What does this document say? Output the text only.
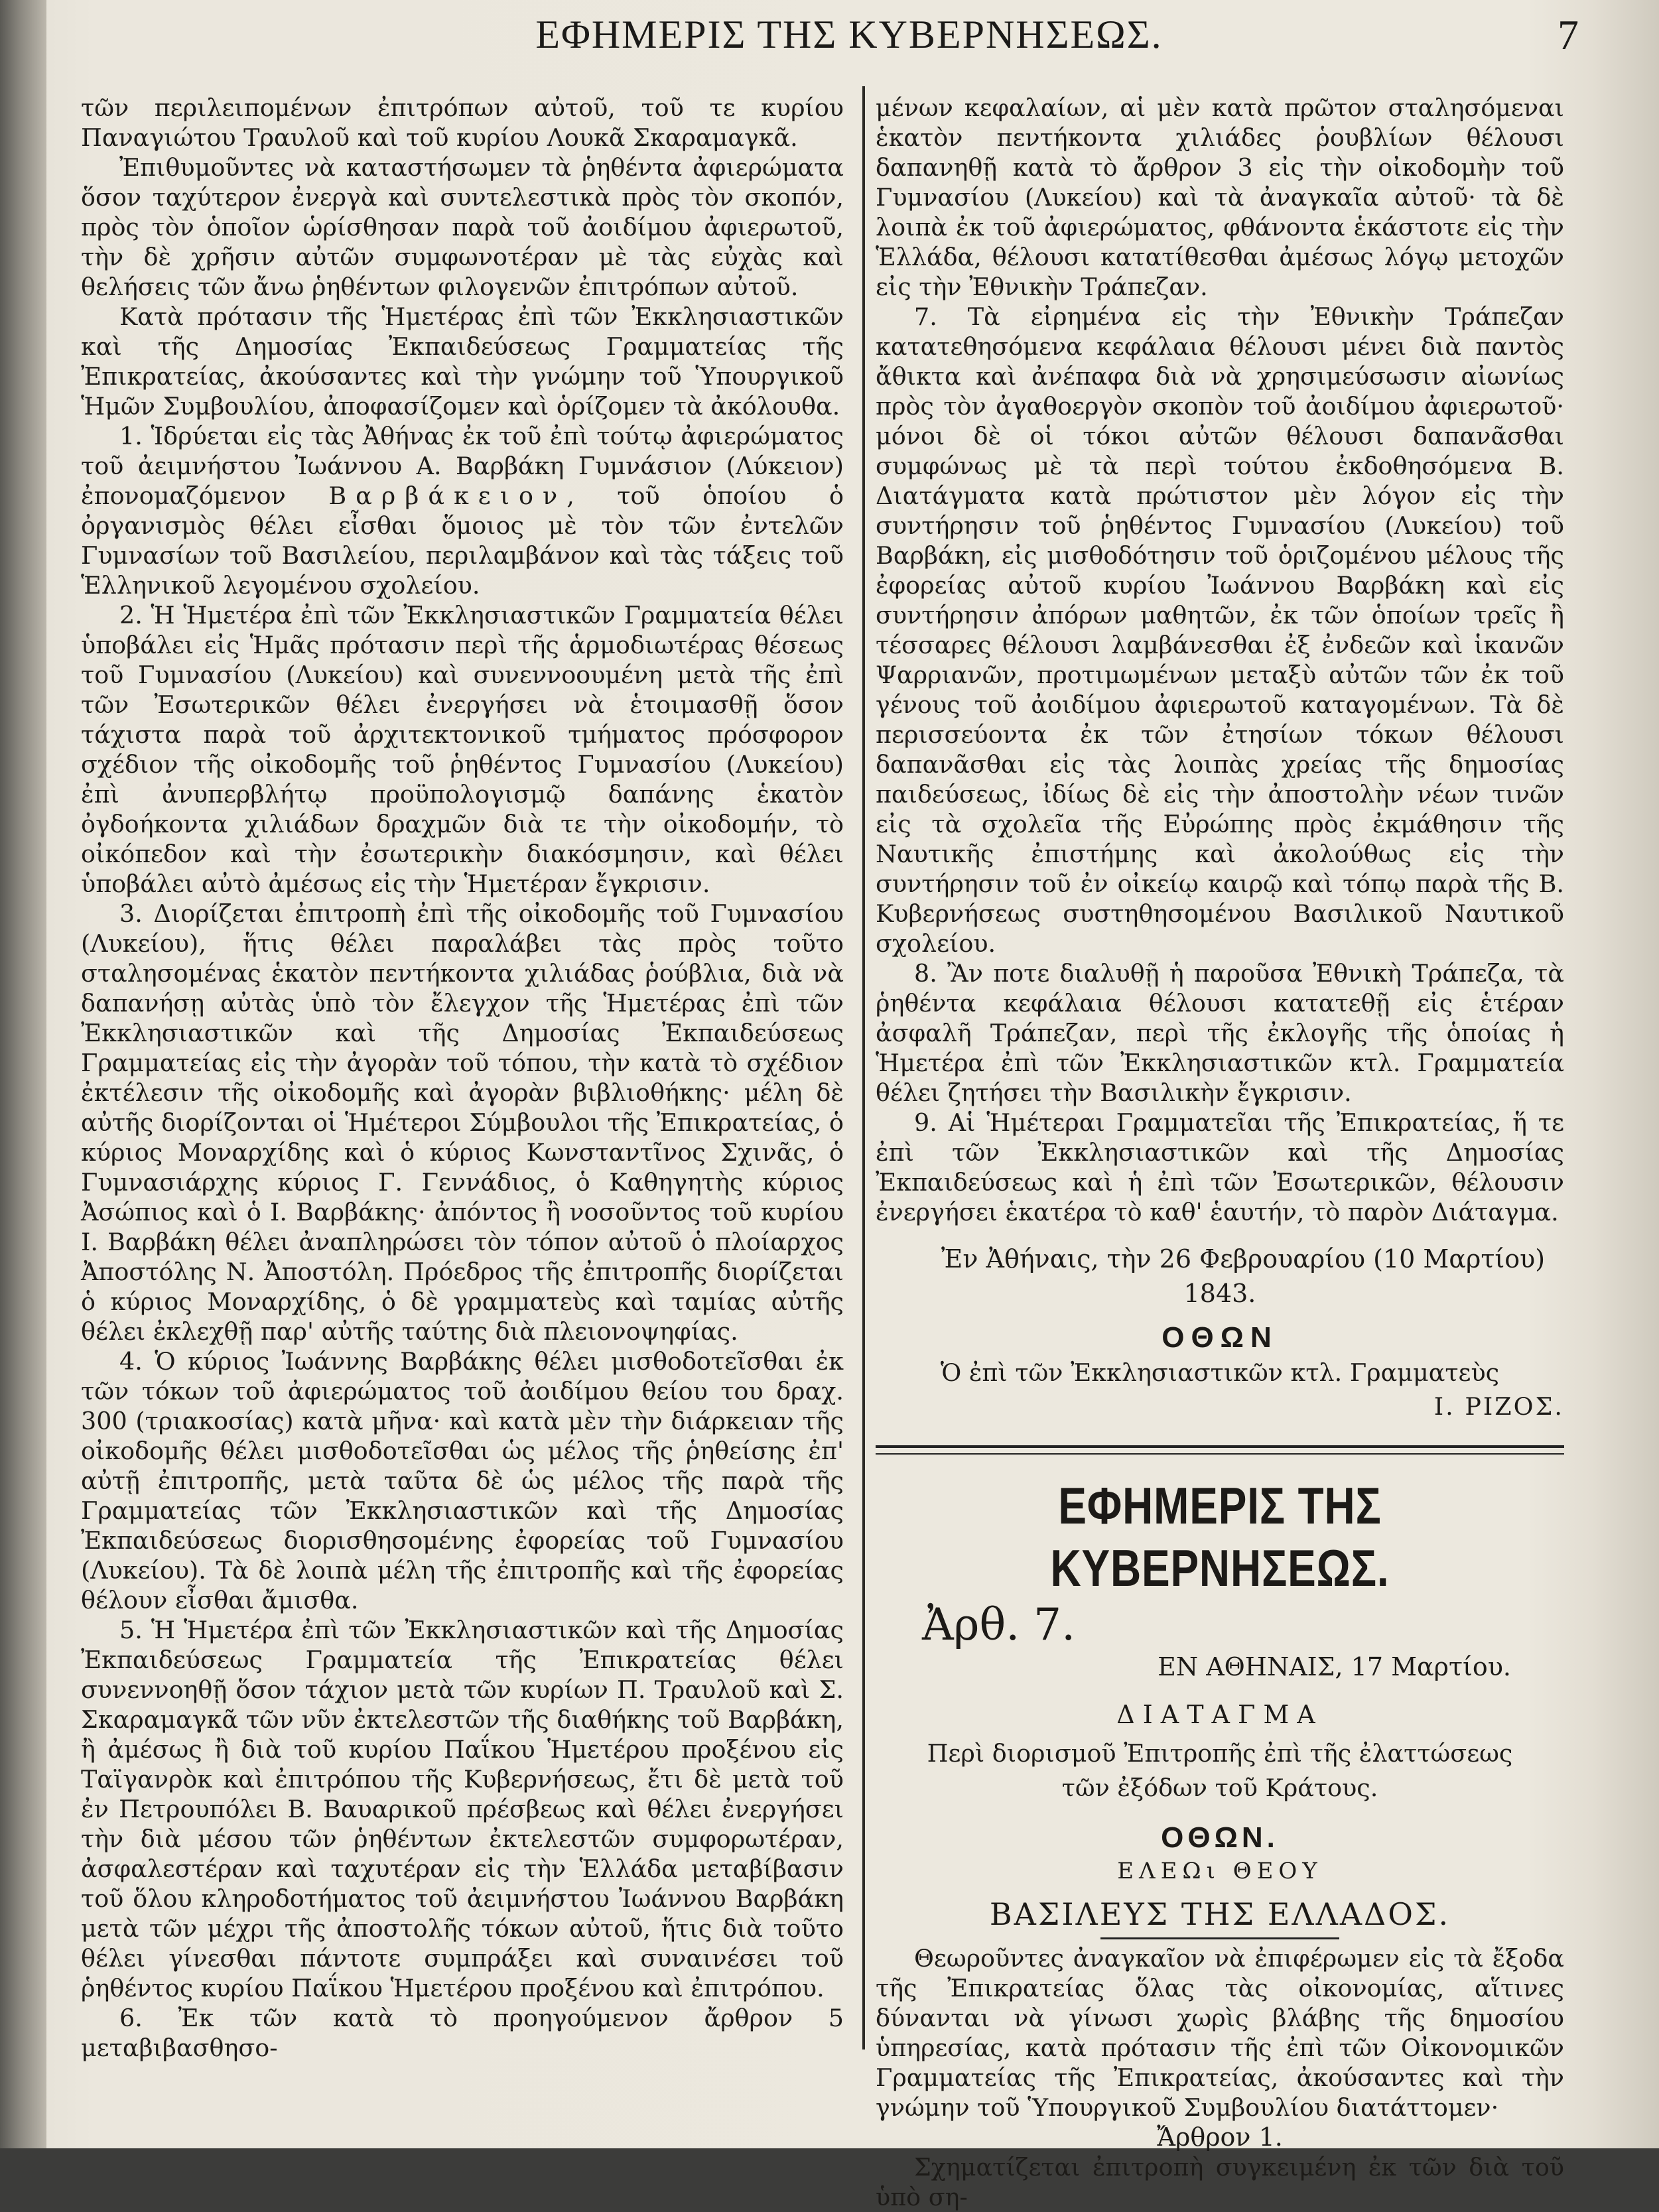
ΕΦΗΜΕΡΙΣ ΤΗΣ ΚΥΒΕΡΝΗΣΕΩΣ.	7

τῶν περιλειπομένων ἐπιτρόπων αὐτοῦ, τοῦ τε κυρίου Παναγιώτου Τραυλοῦ καὶ τοῦ κυρίου Λουκᾶ Σκαραμαγκᾶ.

Ἐπιθυμοῦντες νὰ καταστήσωμεν τὰ ῥηθέντα ἀφιερώματα ὅσον ταχύτερον ἐνεργὰ καὶ συντελεστικὰ πρὸς τὸν σκοπόν, πρὸς τὸν ὁποῖον ὡρίσθησαν παρὰ τοῦ ἀοιδίμου ἀφιερωτοῦ, τὴν δὲ χρῆσιν αὐτῶν συμφωνοτέραν μὲ τὰς εὐχὰς καὶ θελήσεις τῶν ἄνω ῥηθέντων φιλογενῶν ἐπιτρόπων αὐτοῦ.

Κατὰ πρότασιν τῆς Ἡμετέρας ἐπὶ τῶν Ἐκκλησιαστικῶν καὶ τῆς Δημοσίας Ἐκπαιδεύσεως Γραμματείας τῆς Ἐπικρατείας, ἀκούσαντες καὶ τὴν γνώμην τοῦ Ὑπουργικοῦ Ἡμῶν Συμβουλίου, ἀποφασίζομεν καὶ ὁρίζομεν τὰ ἀκόλουθα.

1. Ἱδρύεται εἰς τὰς Ἀθήνας ἐκ τοῦ ἐπὶ τούτῳ ἀφιερώματος τοῦ ἀειμνήστου Ἰωάννου Α. Βαρβάκη Γυμνάσιον (Λύκειον) ἐπονομαζόμενον Βαρβάκειον, τοῦ ὁποίου ὁ ὀργανισμὸς θέλει εἶσθαι ὅμοιος μὲ τὸν τῶν ἐντελῶν Γυμνασίων τοῦ Βασιλείου, περιλαμβάνον καὶ τὰς τάξεις τοῦ Ἑλληνικοῦ λεγομένου σχολείου.

2. Ἡ Ἡμετέρα ἐπὶ τῶν Ἐκκλησιαστικῶν Γραμματεία θέλει ὑποβάλει εἰς Ἡμᾶς πρότασιν περὶ τῆς ἁρμοδιωτέρας θέσεως τοῦ Γυμνασίου (Λυκείου) καὶ συνεννοουμένη μετὰ τῆς ἐπὶ τῶν Ἐσωτερικῶν θέλει ἐνεργήσει νὰ ἑτοιμασθῇ ὅσον τάχιστα παρὰ τοῦ ἀρχιτεκτονικοῦ τμήματος πρόσφορον σχέδιον τῆς οἰκοδομῆς τοῦ ῥηθέντος Γυμνασίου (Λυκείου) ἐπὶ ἀνυπερβλήτῳ προϋπολογισμῷ δαπάνης ἑκατὸν ὀγδοήκοντα χιλιάδων δραχμῶν διὰ τε τὴν οἰκοδομήν, τὸ οἰκόπεδον καὶ τὴν ἐσωτερικὴν διακόσμησιν, καὶ θέλει ὑποβάλει αὐτὸ ἀμέσως εἰς τὴν Ἡμετέραν ἔγκρισιν.

3. Διορίζεται ἐπιτροπὴ ἐπὶ τῆς οἰκοδομῆς τοῦ Γυμνασίου (Λυκείου), ἥτις θέλει παραλάβει τὰς πρὸς τοῦτο σταλησομένας ἑκατὸν πεντήκοντα χιλιάδας ῥούβλια, διὰ νὰ δαπανήσῃ αὐτὰς ὑπὸ τὸν ἔλεγχον τῆς Ἡμετέρας ἐπὶ τῶν Ἐκκλησιαστικῶν καὶ τῆς Δημοσίας Ἐκπαιδεύσεως Γραμματείας εἰς τὴν ἀγορὰν τοῦ τόπου, τὴν κατὰ τὸ σχέδιον ἐκτέλεσιν τῆς οἰκοδομῆς καὶ ἀγορὰν βιβλιοθήκης· μέλη δὲ αὐτῆς διορίζονται οἱ Ἡμέτεροι Σύμβουλοι τῆς Ἐπικρατείας, ὁ κύριος Μοναρχίδης καὶ ὁ κύριος Κωνσταντῖνος Σχινᾶς, ὁ Γυμνασιάρχης κύριος Γ. Γεννάδιος, ὁ Καθηγητὴς κύριος Ἀσώπιος καὶ ὁ Ι. Βαρβάκης· ἀπόντος ἢ νοσοῦντος τοῦ κυρίου Ι. Βαρβάκη θέλει ἀναπληρώσει τὸν τόπον αὐτοῦ ὁ πλοίαρχος Ἀποστόλης Ν. Ἀποστόλη. Πρόεδρος τῆς ἐπιτροπῆς διορίζεται ὁ κύριος Μοναρχίδης, ὁ δὲ γραμματεὺς καὶ ταμίας αὐτῆς θέλει ἐκλεχθῇ παρ' αὐτῆς ταύτης διὰ πλειονοψηφίας.

4. Ὁ κύριος Ἰωάννης Βαρβάκης θέλει μισθοδοτεῖσθαι ἐκ τῶν τόκων τοῦ ἀφιερώματος τοῦ ἀοιδίμου θείου του δραχ. 300 (τριακοσίας) κατὰ μῆνα· καὶ κατὰ μὲν τὴν διάρκειαν τῆς οἰκοδομῆς θέλει μισθοδοτεῖσθαι ὡς μέλος τῆς ῥηθείσης ἐπ' αὐτῇ ἐπιτροπῆς, μετὰ ταῦτα δὲ ὡς μέλος τῆς παρὰ τῆς Γραμματείας τῶν Ἐκκλησιαστικῶν καὶ τῆς Δημοσίας Ἐκπαιδεύσεως διορισθησομένης ἐφορείας τοῦ Γυμνασίου (Λυκείου). Τὰ δὲ λοιπὰ μέλη τῆς ἐπιτροπῆς καὶ τῆς ἐφορείας θέλουν εἶσθαι ἄμισθα.

5. Ἡ Ἡμετέρα ἐπὶ τῶν Ἐκκλησιαστικῶν καὶ τῆς Δημοσίας Ἐκπαιδεύσεως Γραμματεία τῆς Ἐπικρατείας θέλει συνεννοηθῇ ὅσον τάχιον μετὰ τῶν κυρίων Π. Τραυλοῦ καὶ Σ. Σκαραμαγκᾶ τῶν νῦν ἐκτελεστῶν τῆς διαθήκης τοῦ Βαρβάκη, ἢ ἀμέσως ἢ διὰ τοῦ κυρίου Παΐκου Ἡμετέρου προξένου εἰς Ταϊγανρὸκ καὶ ἐπιτρόπου τῆς Κυβερνήσεως, ἔτι δὲ μετὰ τοῦ ἐν Πετρουπόλει Β. Βαυαρικοῦ πρέσβεως καὶ θέλει ἐνεργήσει τὴν διὰ μέσου τῶν ῥηθέντων ἐκτελεστῶν συμφορωτέραν, ἀσφαλεστέραν καὶ ταχυτέραν εἰς τὴν Ἑλλάδα μεταβίβασιν τοῦ ὅλου κληροδοτήματος τοῦ ἀειμνήστου Ἰωάννου Βαρβάκη μετὰ τῶν μέχρι τῆς ἀποστολῆς τόκων αὐτοῦ, ἥτις διὰ τοῦτο θέλει γίνεσθαι πάντοτε συμπράξει καὶ συναινέσει τοῦ ῥηθέντος κυρίου Παΐκου Ἡμετέρου προξένου καὶ ἐπιτρόπου.

6. Ἐκ τῶν κατὰ τὸ προηγούμενον ἄρθρον 5 μεταβιβασθησο-

μένων κεφαλαίων, αἱ μὲν κατὰ πρῶτον σταλησόμεναι ἑκατὸν πεντήκοντα χιλιάδες ῥουβλίων θέλουσι δαπανηθῇ κατὰ τὸ ἄρθρον 3 εἰς τὴν οἰκοδομὴν τοῦ Γυμνασίου (Λυκείου) καὶ τὰ ἀναγκαῖα αὐτοῦ· τὰ δὲ λοιπὰ ἐκ τοῦ ἀφιερώματος, φθάνοντα ἑκάστοτε εἰς τὴν Ἑλλάδα, θέλουσι κατατίθεσθαι ἀμέσως λόγῳ μετοχῶν εἰς τὴν Ἐθνικὴν Τράπεζαν.

7. Τὰ εἰρημένα εἰς τὴν Ἐθνικὴν Τράπεζαν κατατεθησόμενα κεφάλαια θέλουσι μένει διὰ παντὸς ἄθικτα καὶ ἀνέπαφα διὰ νὰ χρησιμεύσωσιν αἰωνίως πρὸς τὸν ἀγαθοεργὸν σκοπὸν τοῦ ἀοιδίμου ἀφιερωτοῦ· μόνοι δὲ οἱ τόκοι αὐτῶν θέλουσι δαπανᾶσθαι συμφώνως μὲ τὰ περὶ τούτου ἐκδοθησόμενα Β. Διατάγματα κατὰ πρώτιστον μὲν λόγον εἰς τὴν συντήρησιν τοῦ ῥηθέντος Γυμνασίου (Λυκείου) τοῦ Βαρβάκη, εἰς μισθοδότησιν τοῦ ὁριζομένου μέλους τῆς ἐφορείας αὐτοῦ κυρίου Ἰωάννου Βαρβάκη καὶ εἰς συντήρησιν ἀπόρων μαθητῶν, ἐκ τῶν ὁποίων τρεῖς ἢ τέσσαρες θέλουσι λαμβάνεσθαι ἐξ ἐνδεῶν καὶ ἱκανῶν Ψαρριανῶν, προτιμωμένων μεταξὺ αὐτῶν τῶν ἐκ τοῦ γένους τοῦ ἀοιδίμου ἀφιερωτοῦ καταγομένων. Τὰ δὲ περισσεύοντα ἐκ τῶν ἐτησίων τόκων θέλουσι δαπανᾶσθαι εἰς τὰς λοιπὰς χρείας τῆς δημοσίας παιδεύσεως, ἰδίως δὲ εἰς τὴν ἀποστολὴν νέων τινῶν εἰς τὰ σχολεῖα τῆς Εὐρώπης πρὸς ἐκμάθησιν τῆς Ναυτικῆς ἐπιστήμης καὶ ἀκολούθως εἰς τὴν συντήρησιν τοῦ ἐν οἰκείῳ καιρῷ καὶ τόπῳ παρὰ τῆς Β. Κυβερνήσεως συστηθησομένου Βασιλικοῦ Ναυτικοῦ σχολείου.

8. Ἂν ποτε διαλυθῇ ἡ παροῦσα Ἐθνικὴ Τράπεζα, τὰ ῥηθέντα κεφάλαια θέλουσι κατατεθῇ εἰς ἑτέραν ἀσφαλῆ Τράπεζαν, περὶ τῆς ἐκλογῆς τῆς ὁποίας ἡ Ἡμετέρα ἐπὶ τῶν Ἐκκλησιαστικῶν κτλ. Γραμματεία θέλει ζητήσει τὴν Βασιλικὴν ἔγκρισιν.

9. Αἱ Ἡμέτεραι Γραμματεῖαι τῆς Ἐπικρατείας, ἥ τε ἐπὶ τῶν Ἐκκλησιαστικῶν καὶ τῆς Δημοσίας Ἐκπαιδεύσεως καὶ ἡ ἐπὶ τῶν Ἐσωτερικῶν, θέλουσιν ἐνεργήσει ἑκατέρα τὸ καθ' ἑαυτήν, τὸ παρὸν Διάταγμα.

Ἐν Ἀθήναις, τὴν 26 Φεβρουαρίου (10 Μαρτίου) 1843.
ΟΘΩΝ
Ὁ ἐπὶ τῶν Ἐκκλησιαστικῶν κτλ. Γραμματεὺς
Ι. ΡΙΖΟΣ.
ΕΦΗΜΕΡΙΣ ΤΗΣ ΚΥΒΕΡΝΗΣΕΩΣ.
Ἀρθ. 7.
ΕΝ ΑΘΗΝΑΙΣ, 17 Μαρτίου.
ΔΙΑΤΑΓΜΑ
Περὶ διορισμοῦ Ἐπιτροπῆς ἐπὶ τῆς ἐλαττώσεως τῶν ἐξόδων τοῦ Κράτους.
ΟΘΩΝ.
ΕΛΕΩι ΘΕΟΥ
ΒΑΣΙΛΕΥΣ ΤΗΣ ΕΛΛΑΔΟΣ.

Θεωροῦντες ἀναγκαῖον νὰ ἐπιφέρωμεν εἰς τὰ ἔξοδα τῆς Ἐπικρατείας ὅλας τὰς οἰκονομίας, αἵτινες δύνανται νὰ γίνωσι χωρὶς βλάβης τῆς δημοσίου ὑπηρεσίας, κατὰ πρότασιν τῆς ἐπὶ τῶν Οἰκονομικῶν Γραμματείας τῆς Ἐπικρατείας, ἀκούσαντες καὶ τὴν γνώμην τοῦ Ὑπουργικοῦ Συμβουλίου διατάττομεν·

Ἄρθρον 1.

Σχηματίζεται ἐπιτροπὴ συγκειμένη ἐκ τῶν διὰ τοῦ ὑπὸ ση-
